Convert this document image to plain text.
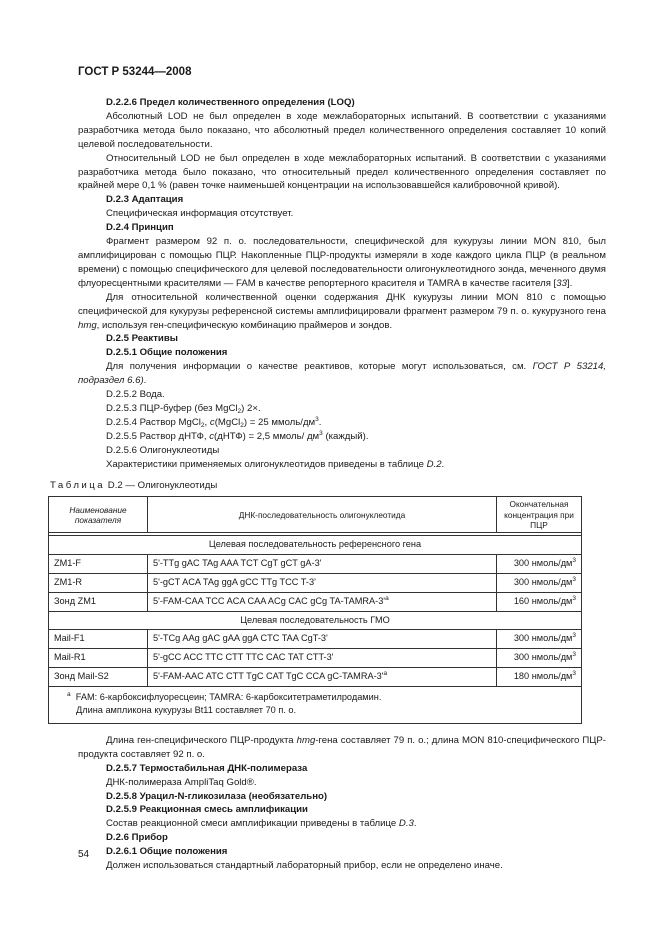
ГОСТ Р 53244—2008

D.2.2.6 Предел количественного определения (LOQ)

Абсолютный LOD не был определен в ходе межлабораторных испытаний. В соответствии с указаниями разработчика метода было показано, что абсолютный предел количественного определения составляет 10 копий целевой последовательности.

Относительный LOD не был определен в ходе межлабораторных испытаний. В соответствии с указаниями разработчика метода было показано, что относительный предел количественного определения составляет по крайней мере 0,1 % (равен точке наименьшей концентрации на использовавшейся калибровочной кривой).

D.2.3 Адаптация

Специфическая информация отсутствует.

D.2.4 Принцип

Фрагмент размером 92 п. о. последовательности, специфической для кукурузы линии MON 810, был амплифицирован с помощью ПЦР. Накопленные ПЦР-продукты измеряли в ходе каждого цикла ПЦР (в реальном времени) с помощью специфического для целевой последовательности олигонуклеотидного зонда, меченного двумя флуоресцентными красителями — FAM в качестве репортерного красителя и TAMRA в качестве гасителя [33].

Для относительной количественной оценки содержания ДНК кукурузы линии MON 810 с помощью специфической для кукурузы референсной системы амплифицировали фрагмент размером 79 п. о. кукурузного гена hmg, используя ген-специфическую комбинацию праймеров и зондов.

D.2.5 Реактивы

D.2.5.1 Общие положения

Для получения информации о качестве реактивов, которые могут использоваться, см. ГОСТ Р 53214, подраздел 6.6).

D.2.5.2 Вода.

D.2.5.3 ПЦР-буфер (без MgCl$_2$) 2×.

D.2.5.4 Раствор MgCl$_2$, c(MgCl$_2$) = 25 ммоль/$дм^3$.

D.2.5.5 Раствор дНТФ, c(дНТФ) = 2,5 ммоль/ $дм^3$ (каждый).

D.2.5.6 Олигонуклеотиды

Характеристики применяемых олигонуклеотидов приведены в таблице D.2.

Таблица D.2 — Олигонуклеотиды

Наименование показателя	ДНК-последовательность олигонуклеотида	Окончательная концентрация при ПЦР

Целевая последовательность референсного гена		
ZM1-F	5'-TTg gAC TAg AAA TCT CgT gCT gA-3'	300 нмоль/$дм^3$
ZM1-R	5'-gCT ACA TAg ggA gCC TTg TCC T-3'	300 нмоль/$дм^3$
Зонд ZM1	5'-FAM-CAA TCC ACA CAA ACg CAC gCg $TA-TAMRA-3'^a$	160 нмоль/$дм^3$
Целевая последовательность ГМО		
Mail-F1	5'-TCg AAg gAC gAA ggA CTC TAA CgT-3'	300 нмоль/$дм^3$
Mail-R1	5'-gCC ACC TTC CTT TTC CAC TAT CTT-3'	300 нмоль/$дм^3$
Зонд Mail-S2	5'-FAM-AAC ATC CTT TgC CAT TgC CCA $gC-TAMRA-3'^a$	180 нмоль/$дм^3$

$^a$ FAM: 6-карбоксифлуоресцеин; TAMRA: 6-карбокситетраметилродамин.
Длина ампликона кукурузы Bt11 составляет 70 п. о.		

Длина ген-специфического ПЦР-продукта hmg-гена составляет 79 п. о.; длина MON 810-специфического ПЦР-продукта составляет 92 п. о.

D.2.5.7 Термостабильная ДНК-полимераза

ДНК-полимераза AmpliTaq Gold®.

D.2.5.8 Урацил-N-гликозилаза (необязательно)

D.2.5.9 Реакционная смесь амплификации

Состав реакционной смеси амплификации приведены в таблице D.3.

D.2.6 Прибор

D.2.6.1 Общие положения

Должен использоваться стандартный лабораторный прибор, если не определено иначе.

54
